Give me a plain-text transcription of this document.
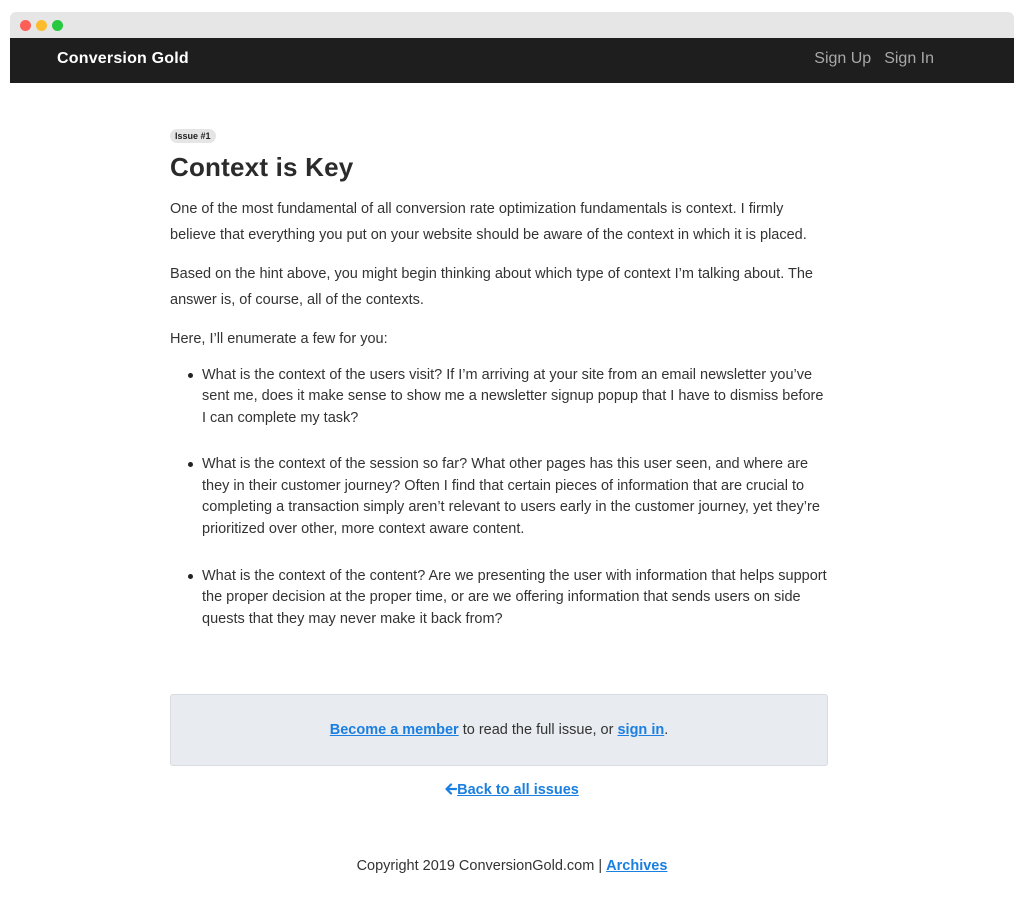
Conversion Gold	Sign Up Sign In
Issue #1
Context is Key

One of the most fundamental of all conversion rate optimization fundamentals is context. I firmly believe that everything you put on your website should be aware of the context in which it is placed.

Based on the hint above, you might begin thinking about which type of context I’m talking about. The answer is, of course, all of the contexts.

Here, I’ll enumerate a few for you:

What is the context of the users visit? If I’m arriving at your site from an email newsletter you’ve sent me, does it make sense to show me a newsletter signup popup that I have to dismiss before I can complete my task?
What is the context of the session so far? What other pages has this user seen, and where are they in their customer journey? Often I find that certain pieces of information that are crucial to completing a transaction simply aren’t relevant to users early in the customer journey, yet they’re prioritized over other, more context aware content.
What is the context of the content? Are we presenting the user with information that helps support the proper decision at the proper time, or are we offering information that sends users on side quests that they may never make it back from?
Become a member to read the full issue, or sign in.
Back to all issues
Copyright 2019 ConversionGold.com | Archives
